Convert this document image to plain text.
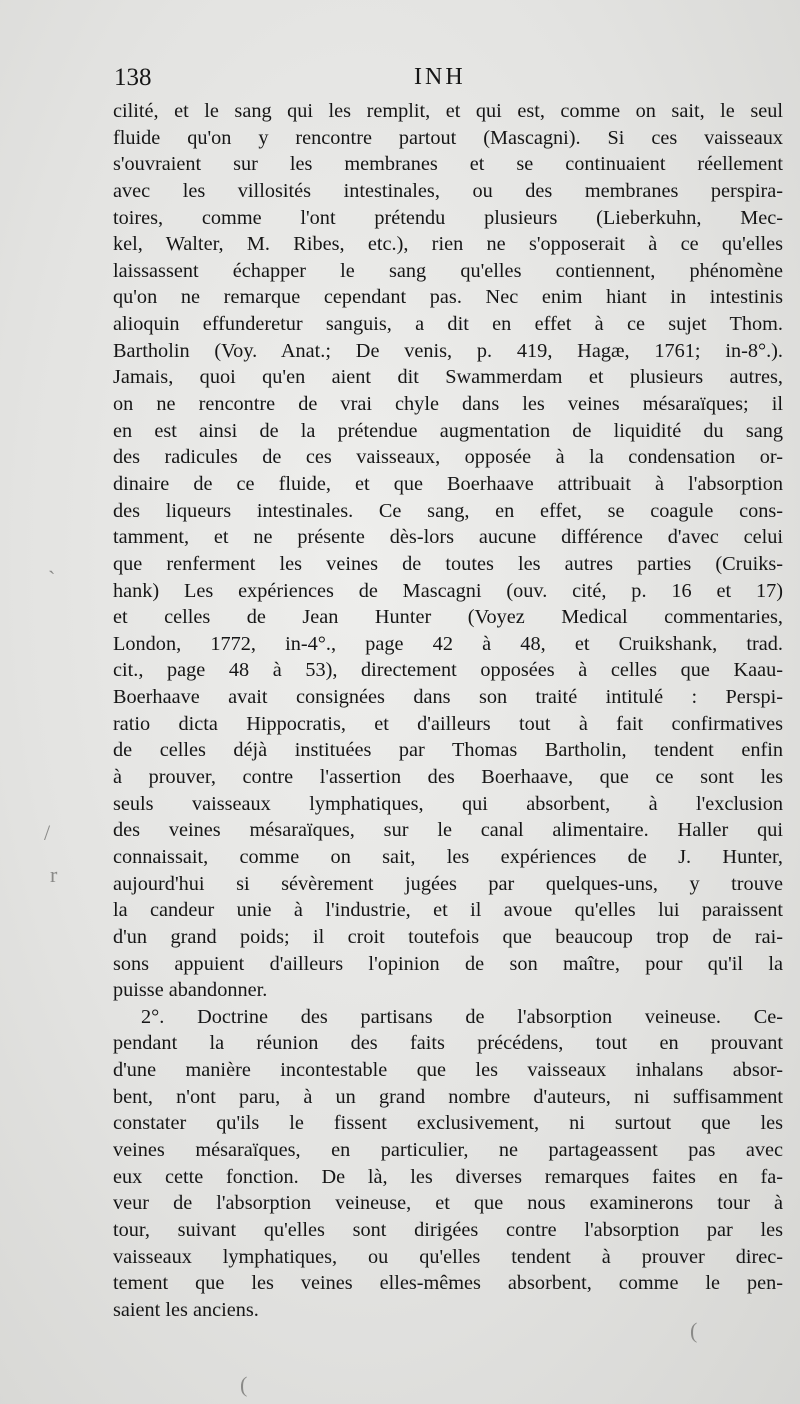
138	INH
cilité, et le sang qui les remplit, et qui est, comme on sait, le seul
fluide qu'on y rencontre partout (Mascagni). Si ces vaisseaux
s'ouvraient sur les membranes et se continuaient réellement
avec les villosités intestinales, ou des membranes perspira-
toires, comme l'ont prétendu plusieurs (Lieberkuhn, Mec-
kel, Walter, M. Ribes, etc.), rien ne s'opposerait à ce qu'elles
laissassent échapper le sang qu'elles contiennent, phénomène
qu'on ne remarque cependant pas. Nec enim hiant in intestinis
alioquin effunderetur sanguis, a dit en effet à ce sujet Thom.
Bartholin (Voy. Anat.; De venis, p. 419, Hagæ, 1761; in-8°.).
Jamais, quoi qu'en aient dit Swammerdam et plusieurs autres,
on ne rencontre de vrai chyle dans les veines mésaraïques; il
en est ainsi de la prétendue augmentation de liquidité du sang
des radicules de ces vaisseaux, opposée à la condensation or-
dinaire de ce fluide, et que Boerhaave attribuait à l'absorption
des liqueurs intestinales. Ce sang, en effet, se coagule cons-
tamment, et ne présente dès-lors aucune différence d'avec celui
que renferment les veines de toutes les autres parties (Cruiks-
hank) Les expériences de Mascagni (ouv. cité, p. 16 et 17)
et celles de Jean Hunter (Voyez Medical commentaries,
London, 1772, in-4°., page 42 à 48, et Cruikshank, trad.
cit., page 48 à 53), directement opposées à celles que Kaau-
Boerhaave avait consignées dans son traité intitulé : Perspi-
ratio dicta Hippocratis, et d'ailleurs tout à fait confirmatives
de celles déjà instituées par Thomas Bartholin, tendent enfin
à prouver, contre l'assertion des Boerhaave, que ce sont les
seuls vaisseaux lymphatiques, qui absorbent, à l'exclusion
des veines mésaraïques, sur le canal alimentaire. Haller qui
connaissait, comme on sait, les expériences de J. Hunter,
aujourd'hui si sévèrement jugées par quelques-uns, y trouve
la candeur unie à l'industrie, et il avoue qu'elles lui paraissent
d'un grand poids; il croit toutefois que beaucoup trop de rai-
sons appuient d'ailleurs l'opinion de son maître, pour qu'il la
puisse abandonner.
2°. Doctrine des partisans de l'absorption veineuse. Ce-
pendant la réunion des faits précédens, tout en prouvant
d'une manière incontestable que les vaisseaux inhalans absor-
bent, n'ont paru, à un grand nombre d'auteurs, ni suffisamment
constater qu'ils le fissent exclusivement, ni surtout que les
veines mésaraïques, en particulier, ne partageassent pas avec
eux cette fonction. De là, les diverses remarques faites en fa-
veur de l'absorption veineuse, et que nous examinerons tour à
tour, suivant qu'elles sont dirigées contre l'absorption par les
vaisseaux lymphatiques, ou qu'elles tendent à prouver direc-
tement que les veines elles-mêmes absorbent, comme le pen-
saient les anciens.
`
/
r
(
(
